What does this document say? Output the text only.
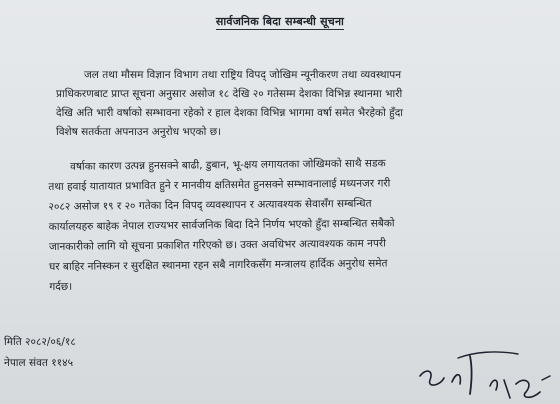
सार्वजनिक बिदा सम्बन्धी सूचना

जल तथा मौसम विज्ञान विभाग तथा राष्ट्रिय विपद् जोखिम न्यूनीकरण तथा व्यवस्थापन

प्राधिकरणबाट प्राप्त सूचना अनुसार असोज १८ देखि २० गतेसम्म देशका विभिन्न स्थानमा भारी

देखि अति भारी वर्षाको सम्भावना रहेको र हाल देशका विभिन्न भागमा वर्षा समेत भैरहेको हुँदा

विशेष सतर्कता अपनाउन अनुरोध भएको छ।

वर्षाका कारण उत्पन्न हुनसक्ने बाढी, डुबान, भू-क्षय लगायतका जोखिमको साथै सडक

तथा हवाई यातायात प्रभावित हुने र मानवीय क्षतिसमेत हुनसक्ने सम्भावनालाई मध्यनजर गरी

२०८२ असोज १९ र २० गतेका दिन विपद् व्यवस्थापन र अत्यावश्यक सेवासँग सम्बन्धित

कार्यालयहरु बाहेक नेपाल राज्यभर सार्वजनिक बिदा दिने निर्णय भएको हुँदा सम्बन्धित सबैको

जानकारीको लागि यो सूचना प्रकाशित गरिएको छ। उक्त अवधिभर अत्यावश्यक काम नपरी

घर बाहिर ननिस्कन र सुरक्षित स्थानमा रहन सबै नागरिकसँग मन्त्रालय हार्दिक अनुरोध समेत

गर्दछ।

मिति २०८२/०६/१८
नेपाल संवत ११४५
